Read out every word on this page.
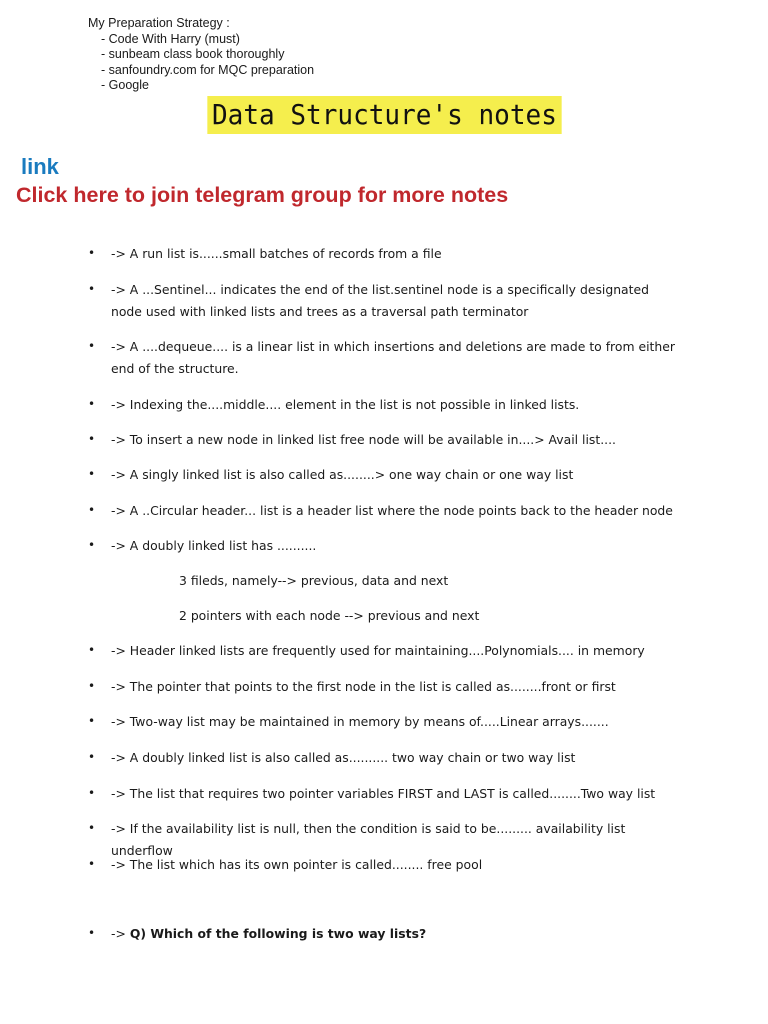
My Preparation Strategy :

- Code With Harry (must)
- sunbeam class book thoroughly
- sanfoundry.com for MQC preparation
- Google
Data Structure's notes
link
Click here to join telegram group for more notes
• -> A run list is......small batches of records from a file
• -> A ...Sentinel... indicates the end of the list.sentinel node is a specifically designated node used with linked lists and trees as a traversal path terminator
• -> A ....dequeue.... is a linear list in which insertions and deletions are made to from either end of the structure.
• -> Indexing the....middle.... element in the list is not possible in linked lists.
• -> To insert a new node in linked list free node will be available in....> Avail list....
• -> A singly linked list is also called as........> one way chain or one way list
• -> A ..Circular header... list is a header list where the node points back to the header node
• -> A doubly linked list has ..........
3 fileds, namely--> previous, data and next
2 pointers with each node --> previous and next
• -> Header linked lists are frequently used for maintaining....Polynomials.... in memory
• -> The pointer that points to the first node in the list is called as........front or first
• -> Two-way list may be maintained in memory by means of.....Linear arrays.......
• -> A doubly linked list is also called as.......... two way chain or two way list
• -> The list that requires two pointer variables FIRST and LAST is called........Two way list
• -> If the availability list is null, then the condition is said to be......... availability list underflow
• -> The list which has its own pointer is called........ free pool
• -> Q) Which of the following is two way lists?
